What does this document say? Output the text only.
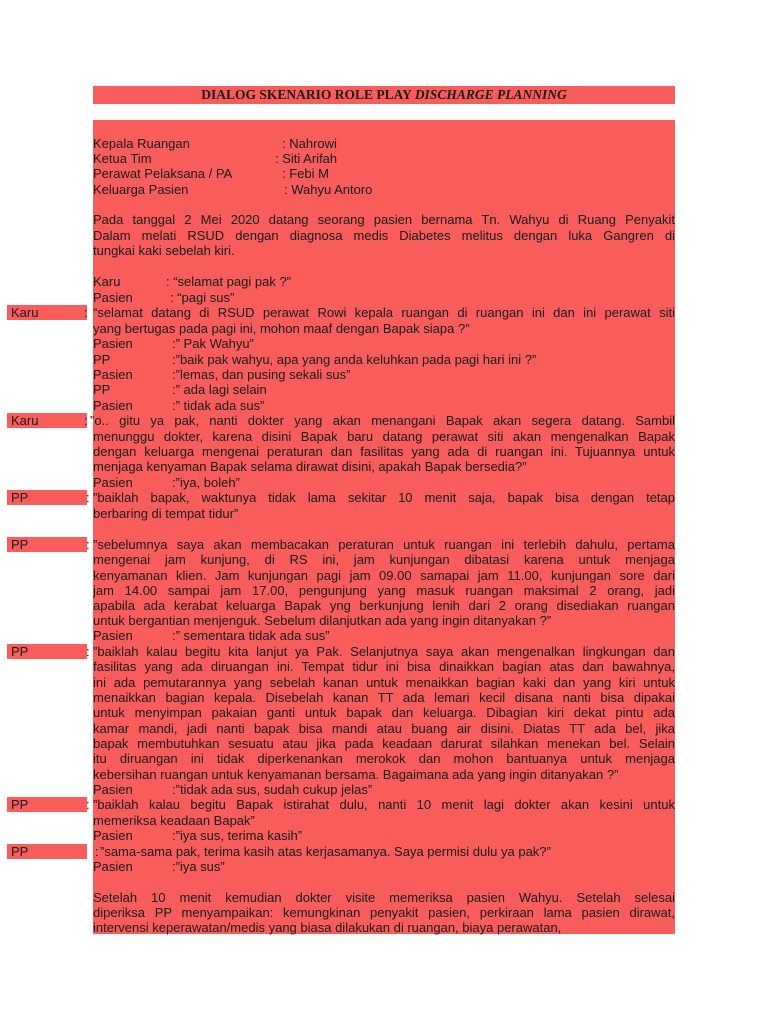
DIALOG SKENARIO ROLE PLAY DISCHARGE PLANNING
Kepala Ruangan	: Nahrowi
Ketua Tim	: Siti Arifah
Perawat Pelaksana / PA	: Febi M
Keluarga Pasien	: Wahyu Antoro
Pada tanggal 2 Mei 2020 datang seorang pasien bernama Tn. Wahyu di Ruang Penyakit
Dalam melati RSUD dengan diagnosa medis Diabetes melitus dengan luka Gangren di
tungkai kaki sebelah kiri.
Karu	: “selamat pagi pak ?”
Pasien	: “pagi sus”
Karu	: “selamat datang di RSUD perawat Rowi kepala ruangan di ruangan ini dan ini perawat siti
yang bertugas pada pagi ini, mohon maaf dengan Bapak siapa ?”
Pasien	:” Pak Wahyu”
PP	:”baik pak wahyu, apa yang anda keluhkan pada pagi hari ini ?”
Pasien	:”lemas, dan pusing sekali sus”
PP	:” ada lagi selain
Pasien	:” tidak ada sus”
Karu	: ”o.. gitu ya pak, nanti dokter yang akan menangani Bapak akan segera datang. Sambil
menunggu dokter, karena disini Bapak baru datang perawat siti akan mengenalkan Bapak
dengan keluarga mengenai peraturan dan fasilitas yang ada di ruangan ini. Tujuannya untuk
menjaga kenyaman Bapak selama dirawat disini, apakah Bapak bersedia?”
Pasien	:”iya, boleh”
PP	: ”baiklah bapak, waktunya tidak lama sekitar 10 menit saja, bapak bisa dengan tetap
berbaring di tempat tidur”
PP	: ”sebelumnya saya akan membacakan peraturan untuk ruangan ini terlebih dahulu, pertama
mengenai jam kunjung, di RS ini, jam kunjungan dibatasi karena untuk menjaga
kenyamanan klien. Jam kunjungan pagi jam 09.00 samapai jam 11.00, kunjungan sore dari
jam 14.00 sampai jam 17.00, pengunjung yang masuk ruangan maksimal 2 orang, jadi
apabila ada kerabat keluarga Bapak yng berkunjung lenih dari 2 orang disediakan ruangan
untuk bergantian menjenguk. Sebelum dilanjutkan ada yang ingin ditanyakan ?”
Pasien	:” sementara tidak ada sus”
PP	: ”baiklah kalau begitu kita lanjut ya Pak. Selanjutnya saya akan mengenalkan lingkungan dan
fasilitas yang ada diruangan ini. Tempat tidur ini bisa dinaikkan bagian atas dan bawahnya,
ini ada pemutarannya yang sebelah kanan untuk menaikkan bagian kaki dan yang kiri untuk
menaikkan bagian kepala. Disebelah kanan TT ada lemari kecil disana nanti bisa dipakai
untuk menyimpan pakaian ganti untuk bapak dan keluarga. Dibagian kiri dekat pintu ada
kamar mandi, jadi nanti bapak bisa mandi atau buang air disini. Diatas TT ada bel, jika
bapak membutuhkan sesuatu atau jika pada keadaan darurat silahkan menekan bel. Selain
itu diruangan ini tidak diperkenankan merokok dan mohon bantuanya untuk menjaga
kebersihan ruangan untuk kenyamanan bersama. Bagaimana ada yang ingin ditanyakan ?”
Pasien	:”tidak ada sus, sudah cukup jelas”
PP	: ”baiklah kalau begitu Bapak istirahat dulu, nanti 10 menit lagi dokter akan kesini untuk
memeriksa keadaan Bapak”
Pasien	:”iya sus, terima kasih”
PP	: ”sama-sama pak, terima kasih atas kerjasamanya. Saya permisi dulu ya pak?”
Pasien	:”iya sus”
Setelah 10 menit kemudian dokter visite memeriksa pasien Wahyu. Setelah selesai
diperiksa PP menyampaikan: kemungkinan penyakit pasien, perkiraan lama pasien dirawat,
intervensi keperawatan/medis yang biasa dilakukan di ruangan, biaya perawatan,
